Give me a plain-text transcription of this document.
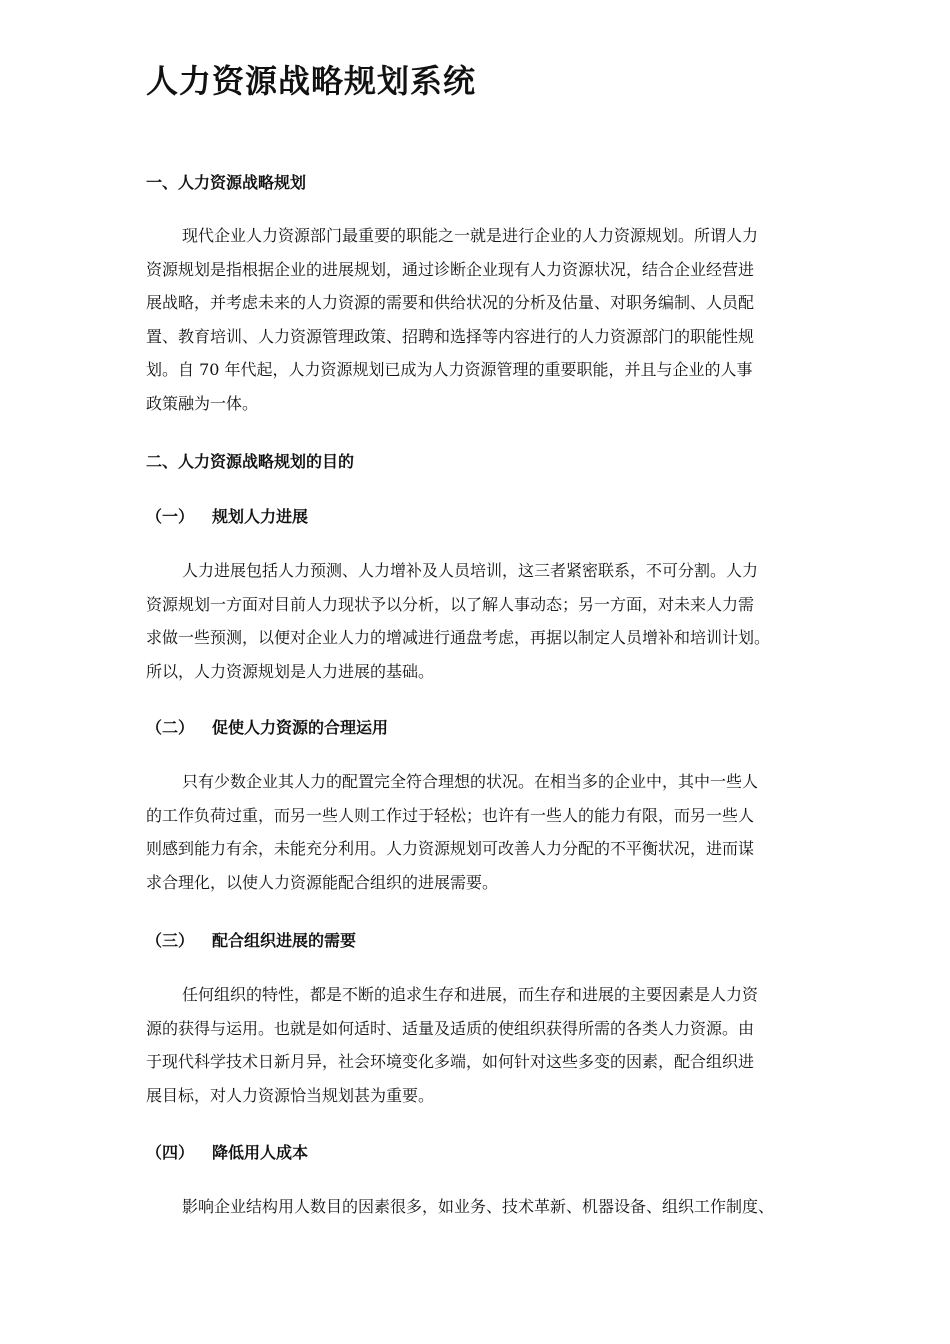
人力资源战略规划系统
一、人力资源战略规划
现代企业人力资源部门最重要的职能之一就是进行企业的人力资源规划。所谓人力
资源规划是指根据企业的进展规划，通过诊断企业现有人力资源状况，结合企业经营进
展战略，并考虑未来的人力资源的需要和供给状况的分析及估量、对职务编制、人员配
置、教育培训、人力资源管理政策、招聘和选择等内容进行的人力资源部门的职能性规
划。自 70 年代起，人力资源规划已成为人力资源管理的重要职能，并且与企业的人事
政策融为一体。
二、人力资源战略规划的目的
（一） 规划人力进展
人力进展包括人力预测、人力增补及人员培训，这三者紧密联系，不可分割。人力
资源规划一方面对目前人力现状予以分析，以了解人事动态；另一方面，对未来人力需
求做一些预测，以便对企业人力的增减进行通盘考虑，再据以制定人员增补和培训计划。
所以，人力资源规划是人力进展的基础。
（二） 促使人力资源的合理运用
只有少数企业其人力的配置完全符合理想的状况。在相当多的企业中，其中一些人
的工作负荷过重，而另一些人则工作过于轻松；也许有一些人的能力有限，而另一些人
则感到能力有余，未能充分利用。人力资源规划可改善人力分配的不平衡状况，进而谋
求合理化，以使人力资源能配合组织的进展需要。
（三） 配合组织进展的需要
任何组织的特性，都是不断的追求生存和进展，而生存和进展的主要因素是人力资
源的获得与运用。也就是如何适时、适量及适质的使组织获得所需的各类人力资源。由
于现代科学技术日新月异，社会环境变化多端，如何针对这些多变的因素，配合组织进
展目标，对人力资源恰当规划甚为重要。
（四） 降低用人成本
影响企业结构用人数目的因素很多，如业务、技术革新、机器设备、组织工作制度、
